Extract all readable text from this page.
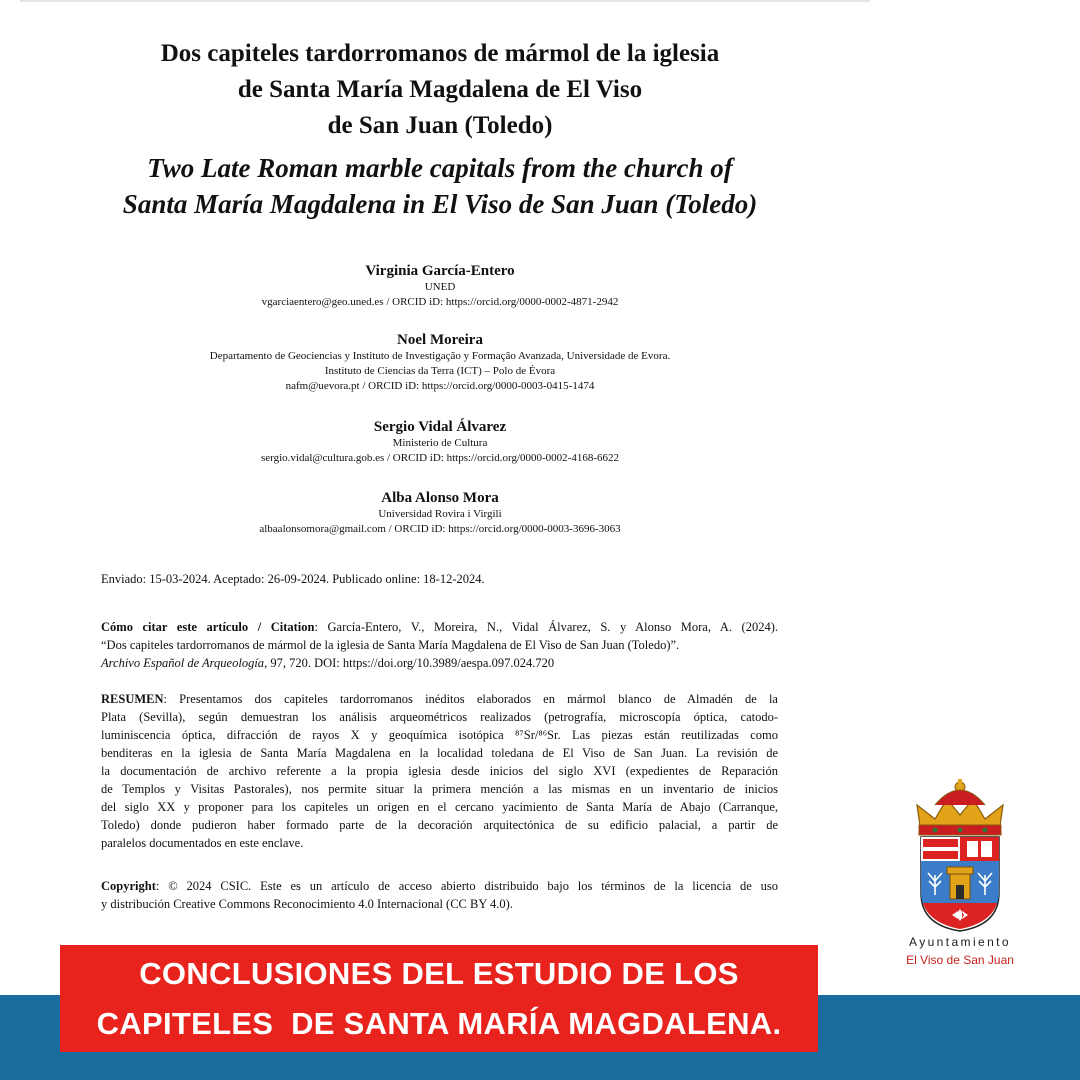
Dos capiteles tardorromanos de mármol de la iglesia
de Santa María Magdalena de El Viso
de San Juan (Toledo)
Two Late Roman marble capitals from the church of
Santa María Magdalena in El Viso de San Juan (Toledo)
Virginia García-Entero
UNED
vgarciaentero@geo.uned.es / ORCID iD: https://orcid.org/0000-0002-4871-2942
Noel Moreira
Departamento de Geociencias y Instituto de Investigação y Formação Avanzada, Universidade de Evora.
Instituto de Ciencias da Terra (ICT) – Polo de Évora
nafm@uevora.pt / ORCID iD: https://orcid.org/0000-0003-0415-1474
Sergio Vidal Álvarez
Ministerio de Cultura
sergio.vidal@cultura.gob.es / ORCID iD: https://orcid.org/0000-0002-4168-6622
Alba Alonso Mora
Universidad Rovira i Virgili
albaalonsomora@gmail.com / ORCID iD: https://orcid.org/0000-0003-3696-3063
Enviado: 15-03-2024. Aceptado: 26-09-2024. Publicado online: 18-12-2024.
Cómo citar este artículo / Citation: García-Entero, V., Moreira, N., Vidal Álvarez, S. y Alonso Mora, A. (2024).
“Dos capiteles tardorromanos de mármol de la iglesia de Santa María Magdalena de El Viso de San Juan (Toledo)”.
Archivo Español de Arqueología, 97, 720. DOI: https://doi.org/10.3989/aespa.097.024.720
RESUMEN: Presentamos dos capiteles tardorromanos inéditos elaborados en mármol blanco de Almadén de la
Plata (Sevilla), según demuestran los análisis arqueométricos realizados (petrografía, microscopía óptica, catodo-
luminiscencia óptica, difracción de rayos X y geoquímica isotópica ⁸⁷Sr/⁸⁶Sr. Las piezas están reutilizadas como
benditeras en la iglesia de Santa María Magdalena en la localidad toledana de El Viso de San Juan. La revisión de
la documentación de archivo referente a la propia iglesia desde inicios del siglo XVI (expedientes de Reparación
de Templos y Visitas Pastorales), nos permite situar la primera mención a las mismas en un inventario de inicios
del siglo XX y proponer para los capiteles un origen en el cercano yacimiento de Santa María de Abajo (Carranque,
Toledo) donde pudieron haber formado parte de la decoración arquitectónica de su edificio palacial, a partir de
paralelos documentados en este enclave.
Copyright: © 2024 CSIC. Este es un artículo de acceso abierto distribuido bajo los términos de la licencia de uso
y distribución Creative Commons Reconocimiento 4.0 Internacional (CC BY 4.0).
CONCLUSIONES DEL ESTUDIO DE LOS
CAPITELES  DE SANTA MARÍA MAGDALENA.
Ayuntamiento
El Viso de San Juan
